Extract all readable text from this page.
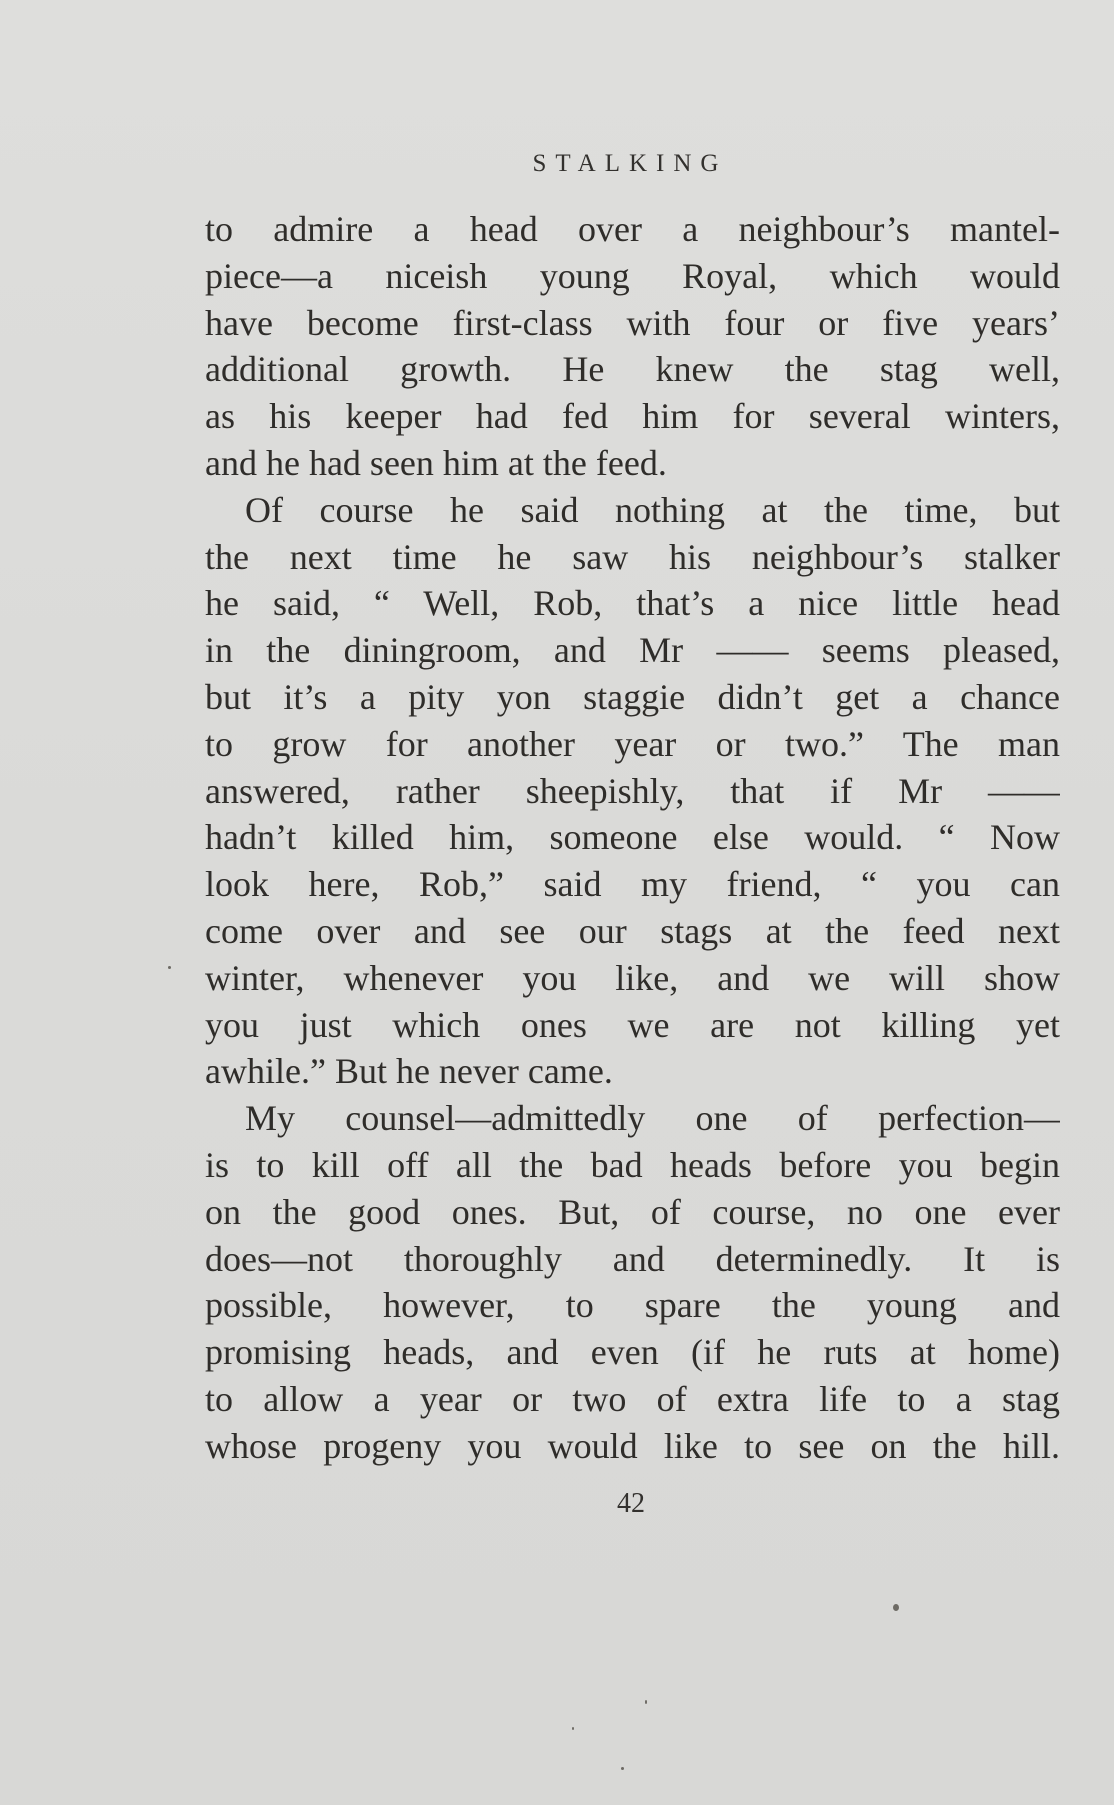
STALKING
to admire a head over a neighbour’s mantel-
piece—a niceish young Royal, which would
have become first-class with four or five years’
additional growth. He knew the stag well,
as his keeper had fed him for several winters,
and he had seen him at the feed.
Of course he said nothing at the time, but
the next time he saw his neighbour’s stalker
he said, “ Well, Rob, that’s a nice little head
in the diningroom, and Mr —— seems pleased,
but it’s a pity yon staggie didn’t get a chance
to grow for another year or two.” The man
answered, rather sheepishly, that if Mr ——
hadn’t killed him, someone else would. “ Now
look here, Rob,” said my friend, “ you can
come over and see our stags at the feed next
winter, whenever you like, and we will show
you just which ones we are not killing yet
awhile.” But he never came.
My counsel—admittedly one of perfection—
is to kill off all the bad heads before you begin
on the good ones. But, of course, no one ever
does—not thoroughly and determinedly. It is
possible, however, to spare the young and
promising heads, and even (if he ruts at home)
to allow a year or two of extra life to a stag
whose progeny you would like to see on the hill.
42
